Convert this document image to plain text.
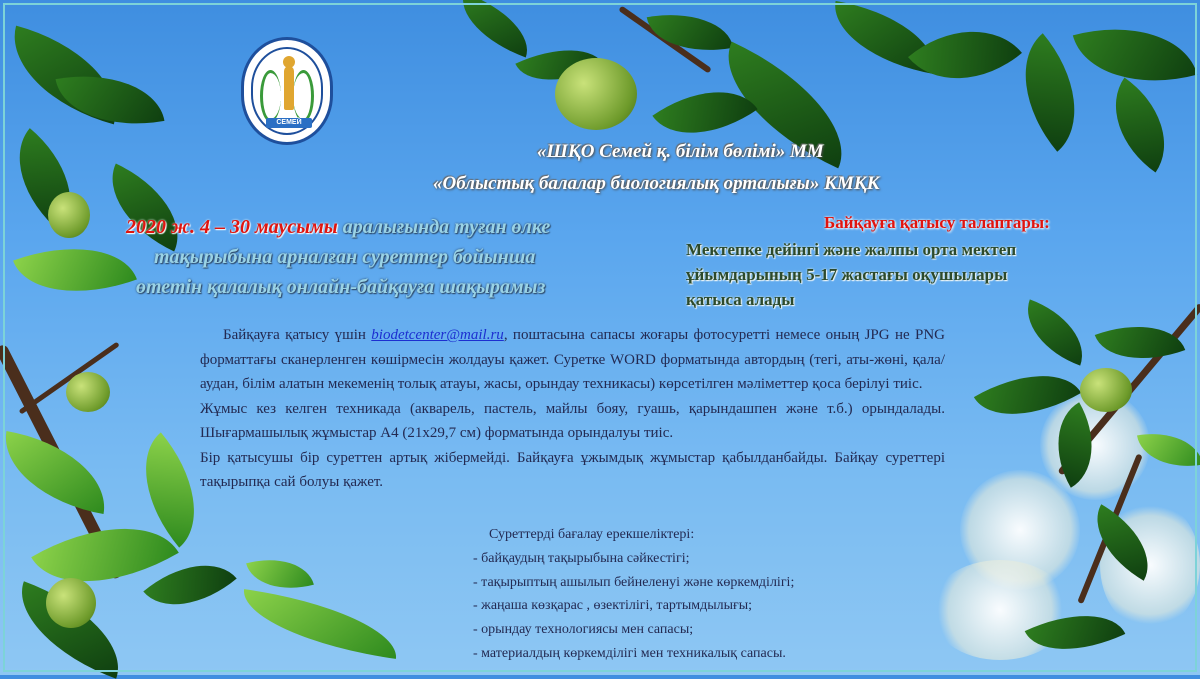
СЕМЕЙ
«ШҚО Семей қ. білім бөлімі» ММ
«Облыстық балалар биологиялық орталығы» КМҚК
2020 ж. 4 – 30 маусымы аралығында туған өлке
тақырыбына арналған суреттер бойынша
өтетін қалалық онлайн-байқауға шақырамыз
Байқауға қатысу талаптары:
Мектепке дейінгі және жалпы орта мектеп
ұйымдарының 5-17 жастағы оқушылары
қатыса алады

Байқауға қатысу үшін biodetcenter@mail.ru, поштасына сапасы жоғары фотосуретті немесе оның JPG не PNG форматтағы сканерленген көшірмесін жолдауы қажет. Суретке WORD форматында автордың (тегі, аты-жөні, қала/аудан, білім алатын мекеменің толық атауы, жасы, орындау техникасы) көрсетілген мәліметтер қоса берілуі тиіс.

Жұмыс кез келген техникада (акварель, пастель, майлы бояу, гуашь, қарындашпен және т.б.) орындалады. Шығармашылық жұмыстар А4 (21х29,7 см) форматында орындалуы тиіс.

Бір қатысушы бір суреттен артық жібермейді. Байқауға ұжымдық жұмыстар қабылданбайды. Байқау суреттері тақырыпқа сай болуы қажет.

Суреттерді бағалау ерекшеліктері:
- байқаудың тақырыбына сәйкестігі;
- тақырыптың ашылып бейнеленуі және көркемдiлiгi;
- жаңаша көзқарас , өзектілігі, тартымдылығы;
- орындау технологиясы мен сапасы;
- материалдың көркемдiлiгi мен техникалық сапасы.
